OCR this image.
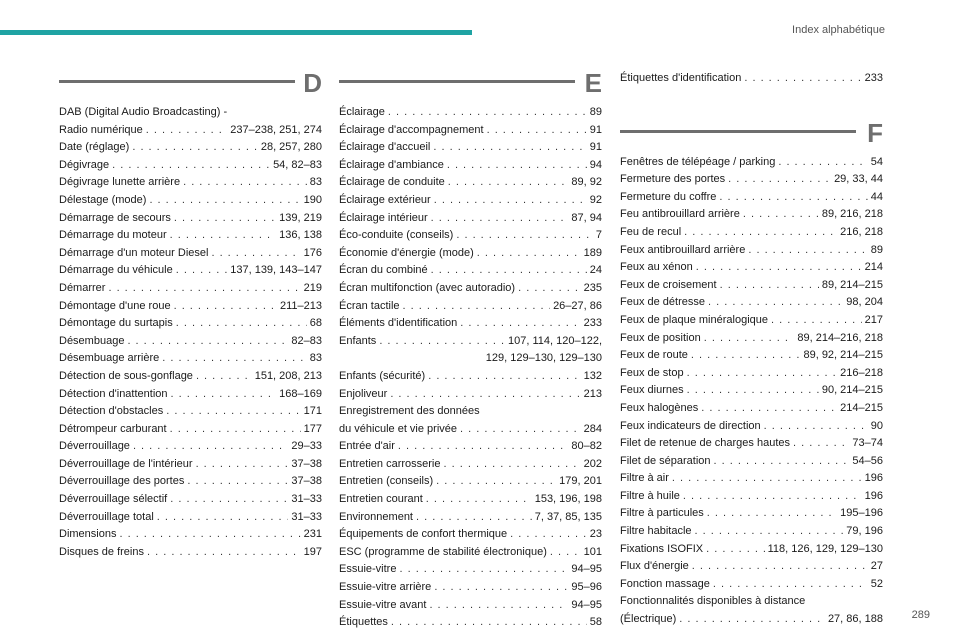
Index alphabétique
D
DAB (Digital Audio Broadcasting) -
Radio numérique . . .	237–238, 251, 274
Date (réglage) . . .	28, 257, 280
Dégivrage . . .	54, 82–83
Dégivrage lunette arrière . . .	83
Délestage (mode) . . .	190
Démarrage de secours . . .	139, 219
Démarrage du moteur . . .	136, 138
Démarrage d'un moteur Diesel . . .	176
Démarrage du véhicule . . .	137, 139, 143–147
Démarrer . . .	219
Démontage d'une roue . . .	211–213
Démontage du surtapis . . .	68
Désembuage . . .	82–83
Désembuage arrière . . .	83
Détection de sous-gonflage . . .	151, 208, 213
Détection d'inattention . . .	168–169
Détection d'obstacles . . .	171
Détrompeur carburant . . .	177
Déverrouillage . . .	29–33
Déverrouillage de l'intérieur . . .	37–38
Déverrouillage des portes . . .	37–38
Déverrouillage sélectif . . .	31–33
Déverrouillage total . . .	31–33
Dimensions . . .	231
Disques de freins . . .	197
E
Éclairage . . .	89
Éclairage d'accompagnement . . .	91
Éclairage d'accueil . . .	91
Éclairage d'ambiance . . .	94
Éclairage de conduite . . .	89, 92
Éclairage extérieur . . .	92
Éclairage intérieur . . .	87, 94
Éco-conduite (conseils) . . .	7
Économie d'énergie (mode) . . .	189
Écran du combiné . . .	24
Écran multifonction (avec autoradio) . . .	235
Écran tactile . . .	26–27, 86
Éléments d'identification . . .	233
Enfants . . .	107, 114, 120–122,
129, 129–130, 129–130
Enfants (sécurité) . . .	132
Enjoliveur . . .	213
Enregistrement des données
du véhicule et vie privée . . .	284
Entrée d'air . . .	80–82
Entretien carrosserie . . .	202
Entretien (conseils) . . .	179, 201
Entretien courant . . .	153, 196, 198
Environnement . . .	7, 37, 85, 135
Équipements de confort thermique . . .	23
ESC (programme de stabilité électronique) . . .	101
Essuie-vitre . . .	94–95
Essuie-vitre arrière . . .	95–96
Essuie-vitre avant . . .	94–95
Étiquettes . . .	58
Étiquettes d'identification . . .	233
F
Fenêtres de télépéage / parking . . .	54
Fermeture des portes . . .	29, 33, 44
Fermeture du coffre . . .	44
Feu antibrouillard arrière . . .	89, 216, 218
Feu de recul . . .	216, 218
Feux antibrouillard arrière . . .	89
Feux au xénon . . .	214
Feux de croisement . . .	89, 214–215
Feux de détresse . . .	98, 204
Feux de plaque minéralogique . . .	217
Feux de position . . .	89, 214–216, 218
Feux de route . . .	89, 92, 214–215
Feux de stop . . .	216–218
Feux diurnes . . .	90, 214–215
Feux halogènes . . .	214–215
Feux indicateurs de direction . . .	90
Filet de retenue de charges hautes . . .	73–74
Filet de séparation . . .	54–56
Filtre à air . . .	196
Filtre à huile . . .	196
Filtre à particules . . .	195–196
Filtre habitacle . . .	79, 196
Fixations ISOFIX . . .	118, 126, 129, 129–130
Flux d'énergie . . .	27
Fonction massage . . .	52
Fonctionnalités disponibles à distance
(Électrique) . . .	27, 86, 188	289
